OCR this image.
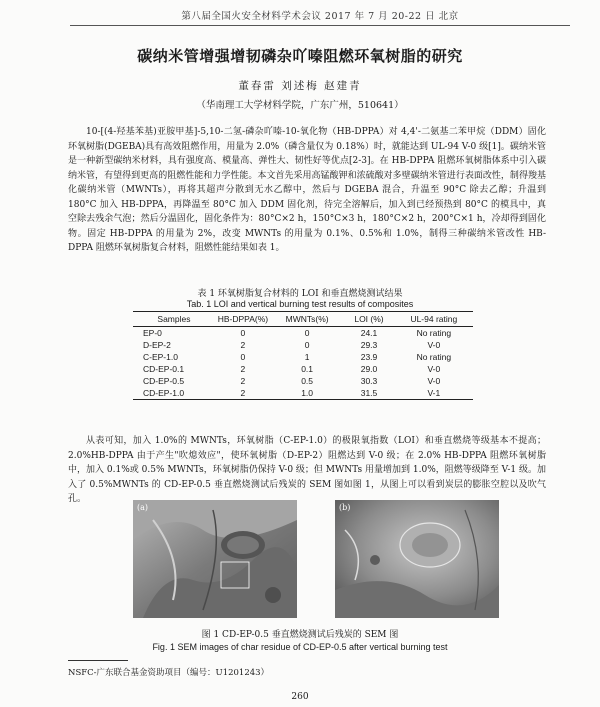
第八届全国火安全材料学术会议 2017 年 7 月 20-22 日 北京
碳纳米管增强增韧磷杂吖嗪阻燃环氧树脂的研究
董春雷 刘述梅 赵建青
（华南理工大学材料学院，广东广州，510641）

10-[(4-羟基苯基)亚胺甲基]-5,10-二氢-磷杂吖嗪-10-氧化物（HB-DPPA）对 4,4'-二氨基二苯甲烷（DDM）固化环氧树脂(DGEBA)具有高效阻燃作用，用量为 2.0%（磷含量仅为 0.18%）时，就能达到 UL-94 V-0 级[1]。碳纳米管是一种新型碳纳米材料，具有强度高、模量高、弹性大、韧性好等优点[2-3]。在 HB-DPPA 阻燃环氧树脂体系中引入碳纳米管，有望得到更高的阻燃性能和力学性能。本文首先采用高锰酸钾和浓硫酸对多壁碳纳米管进行表面改性，制得羧基化碳纳米管（MWNTs），再将其超声分散到无水乙醇中，然后与 DGEBA 混合，升温至 90°C 除去乙醇；升温到 180°C 加入 HB-DPPA，再降温至 80°C 加入 DDM 固化剂，待完全溶解后，加入到已经预热到 80°C 的模具中，真空除去残余气泡；然后分温固化，固化条件为：80°C×2 h，150°C×3 h，180°C×2 h，200°C×1 h，冷却得到固化物。固定 HB-DPPA 的用量为 2%，改变 MWNTs 的用量为 0.1%、0.5%和 1.0%，制得三种碳纳米管改性 HB-DPPA 阻燃环氧树脂复合材料，阻燃性能结果如表 1。

表 1 环氧树脂复合材料的 LOI 和垂直燃烧测试结果
Tab. 1 LOI and vertical burning test results of composites
Samples	HB-DPPA(%)	MWNTs(%)	LOI (%)	UL-94 rating
EP-0	0	0	24.1	No rating
D-EP-2	2	0	29.3	V-0
C-EP-1.0	0	1	23.9	No rating
CD-EP-0.1	2	0.1	29.0	V-0
CD-EP-0.5	2	0.5	30.3	V-0
CD-EP-1.0	2	1.0	31.5	V-1

从表可知，加入 1.0%的 MWNTs，环氧树脂（C-EP-1.0）的极限氧指数（LOI）和垂直燃烧等级基本不提高；2.0%HB-DPPA 由于产生"吹熄效应"，使环氧树脂（D-EP-2）阻燃达到 V-0 级；在 2.0% HB-DPPA 阻燃环氧树脂中，加入 0.1%或 0.5% MWNTs，环氧树脂仍保持 V-0 级；但 MWNTs 用量增加到 1.0%，阻燃等级降至 V-1 级。加入了 0.5%MWNTs 的 CD-EP-0.5 垂直燃烧测试后残炭的 SEM 图如图 1，从图上可以看到炭层的膨胀空腔以及吹气孔。

(a)	(b)
图 1 CD-EP-0.5 垂直燃烧测试后残炭的 SEM 图
Fig. 1 SEM images of char residue of CD-EP-0.5 after vertical burning test
NSFC-广东联合基金资助项目（编号：U1201243）
260
